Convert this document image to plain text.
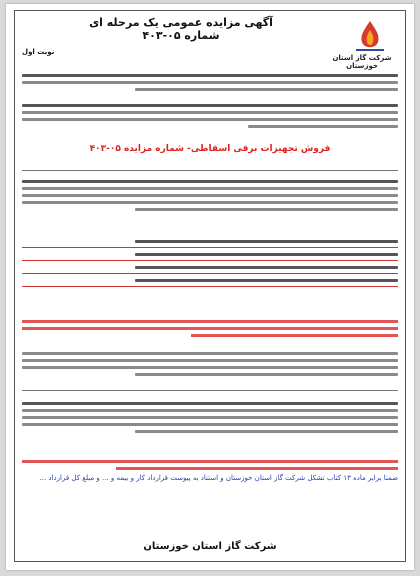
آگهی مزایده عمومی یک مرحله ای شماره ۰۵-۴۰۳
شرکت گاز استان خوزستان
نوبت اول
فروش تجهیزات برقی اسقاطی- شماره مزایده ۰۵-۴۰۳
ضمنا برابر ماده ۱۳ کتاب تشکل شرکت گاز استان خوزستان و استناد به پیوست قرارداد کار و بیمه و ... و مبلغ کل قرارداد ...
شرکت گاز استان خوزستان
